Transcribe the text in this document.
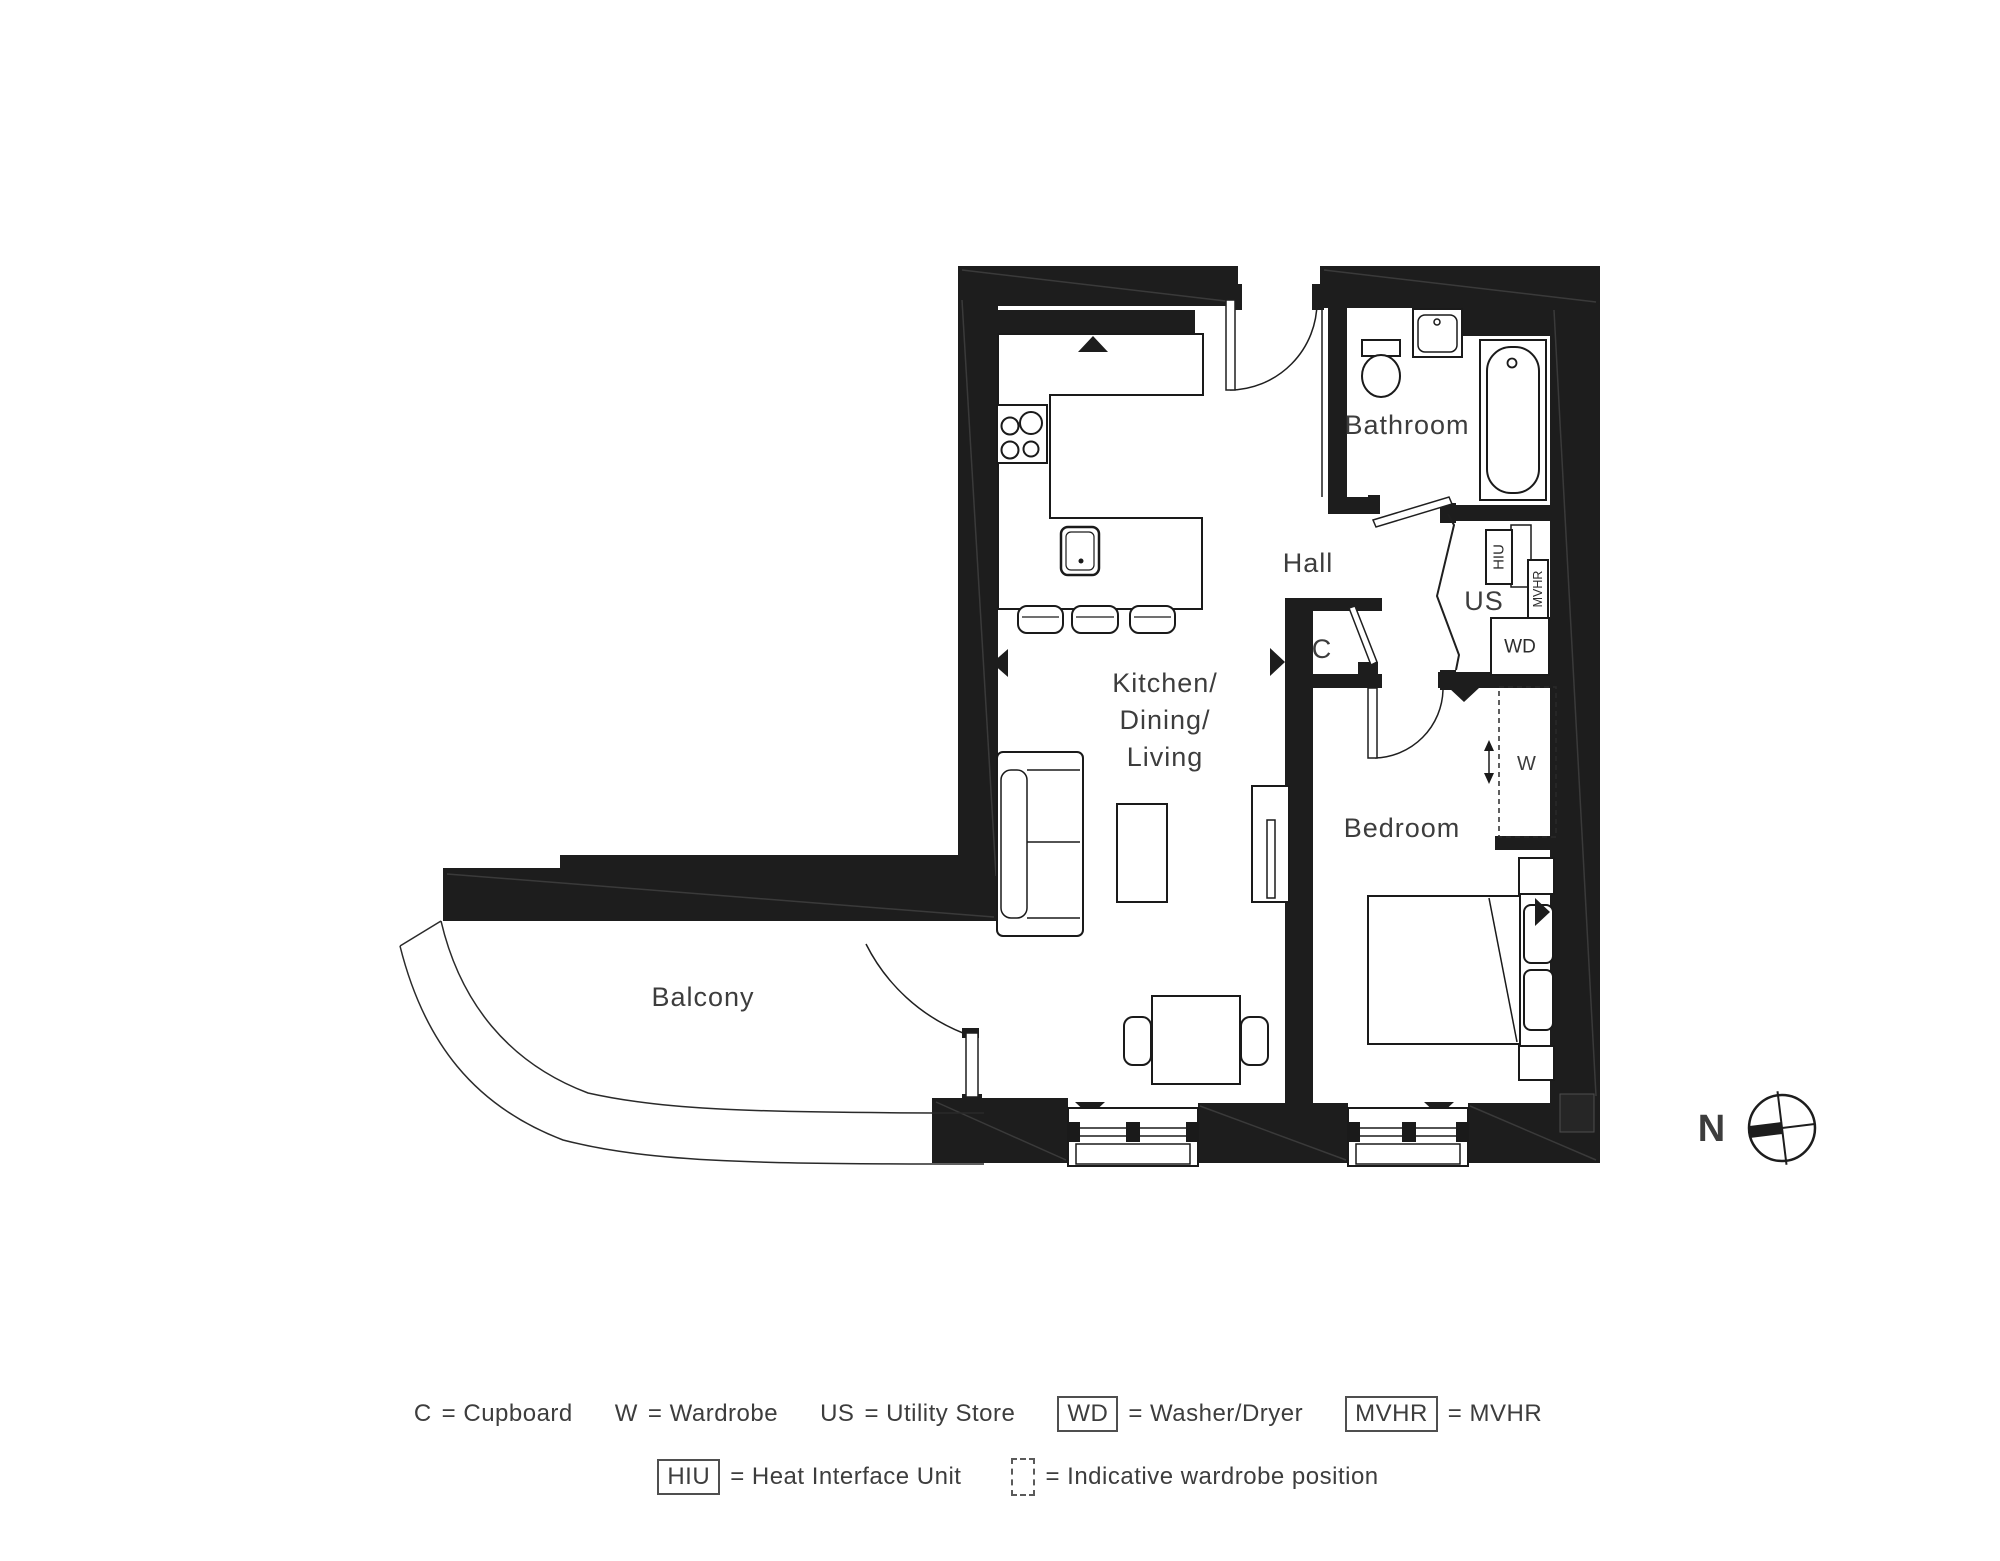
HIU
MVHR
WD
Kitchen/
Dining/
Living
Hall
Bathroom
Bedroom
Balcony
US
C
W
N
C = Cupboard W = Wardrobe US = Utility Store WD = Washer/Dryer MVHR = MVHR
HIU = Heat Interface Unit	= Indicative wardrobe position
